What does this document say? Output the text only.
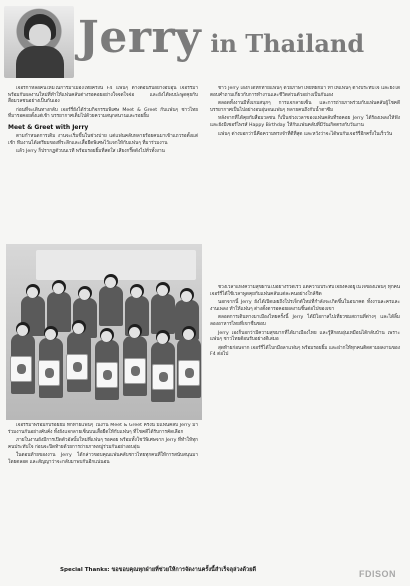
Jerry in Thailand

เจอร์ก้าหล่อคนใหม่ในการมาเมืองไทยครั้งนี้ F4 แฟนๆ ต่างต้อนรับอย่างอบอุ่น เจอร์รี่มาพร้อมกับผลงานใหม่ที่ทำให้แฟนคลับต่างรอคอยอย่างใจจดใจจ่อ และยังได้พบปะพูดคุยกับสื่อมวลชนอย่างเป็นกันเอง

ก่อนที่จะเดินทางกลับ เจอร์รี่ยังได้ร่วมกิจกรรมพิเศษ Meet & Greet กับแฟนๆ ชาวไทย ที่มารอคอยตั้งแต่เช้า บรรยากาศเต็มไปด้วยความสนุกสนานและรอยยิ้ม

Meet & Greet with Jerry

ตามกำหนดการเดิม งานจะเริ่มขึ้นในช่วงบ่าย แต่แฟนคลับหลายร้อยคนมาเข้าแถวรอตั้งแต่เช้า ทีมงานได้เตรียมของที่ระลึกและเสื้อยืดพิเศษไว้แจกให้กับแฟนๆ ที่มาร่วมงาน

แล้ว Jerry ก็ปรากฏตัวบนเวที พร้อมรอยยิ้มที่สดใส เสียงกรี๊ดดังไปทั่วทั้งงาน

ชาว Jerry เองก็ได้ทักทายแฟนๆ ด้วยภาษาไทยที่ฝึกมา ทำให้แฟนๆ ต่างประทับใจ และยังได้ตอบคำถามเกี่ยวกับการทำงานและชีวิตส่วนตัวอย่างเป็นกันเอง

ตลอดทั้งงานมีทั้งเกมสนุกๆ การแจกลายเซ็น และการถ่ายภาพร่วมกับแฟนคลับผู้โชคดี บรรยากาศเป็นไปอย่างอบอุ่นจนแฟนๆ หลายคนถึงกับน้ำตาซึม

หลังจากที่ได้คุยกับสื่อมวลชน ก็เป็นช่วงเวลาของแฟนคลับที่รอคอย Jerry ได้ร้องเพลงให้ฟัง และยังมีเซอร์ไพรส์ Happy Birthday ให้กับแฟนคลับที่มีวันเกิดตรงกับวันงาน

แฟนๆ ต่างบอกว่านี่คือความทรงจำที่ดีที่สุด และหวังว่าจะได้พบกับเจอร์รี่อีกครั้งในเร็ววัน

ช่วงเวลาแห่งความสุขผ่านไปอย่างรวดเร็ว แต่ความประทับใจยังคงอยู่ในใจของแฟนๆ ทุกคน เจอร์รี่ได้ใช้เวลาพูดคุยกับแฟนคลับแต่ละคนอย่างใกล้ชิด

นอกจากนี้ Jerry ยังได้เปิดเผยถึงโปรเจ็กต์ใหม่ที่กำลังจะเกิดขึ้นในอนาคต ทั้งงานละครและงานเพลง ทำให้แฟนๆ ต่างตั้งตารอคอยผลงานชิ้นต่อไปของเขา

ตลอดการเดินทางมาเมืองไทยครั้งนี้ Jerry ได้มีโอกาสไปเที่ยวชมสถานที่ต่างๆ และได้ลิ้มลองอาหารไทยที่เขาชื่นชอบ

Jerry เองก็บอกว่ามีความสุขมากที่ได้มาเมืองไทย และรู้สึกอบอุ่นเหมือนได้กลับบ้าน เพราะแฟนๆ ชาวไทยต้อนรับอย่างดีเสมอ

สุดท้ายก่อนจาก เจอร์รี่ได้โบกมือลาแฟนๆ พร้อมรอยยิ้ม และฝากให้ทุกคนติดตามผลงานของ F4 ต่อไป

เจอร์รี่มาพร้อมกับรอยยิ้ม ทักทายแฟนๆ ในงาน Meet & Greet ครั้งนี้ มีแฟนคลับ Jerry มาร่วมงานกันอย่างคับคั่ง ทั้งยังแจกลายเซ็นบนเสื้อยืดให้กับแฟนๆ ที่โชคดีได้รับการคัดเลือก

ภายในงานยังมีการเปิดตัวอัลบั้มใหม่ที่แฟนๆ รอคอย พร้อมทั้งโชว์พิเศษจาก Jerry ที่ทำให้ทุกคนประทับใจ ก่อนจะปิดท้ายด้วยการถ่ายภาพหมู่ร่วมกันอย่างอบอุ่น

ในตอนท้ายของงาน Jerry ได้กล่าวขอบคุณแฟนคลับชาวไทยทุกคนที่ให้การสนับสนุนมาโดยตลอด และสัญญาว่าจะกลับมาพบกันอีกแน่นอน

Special Thanks: ขอขอบคุณทุกฝ่ายที่ช่วยให้การจัดงานครั้งนี้สำเร็จลุล่วงด้วยดี	FDISON
